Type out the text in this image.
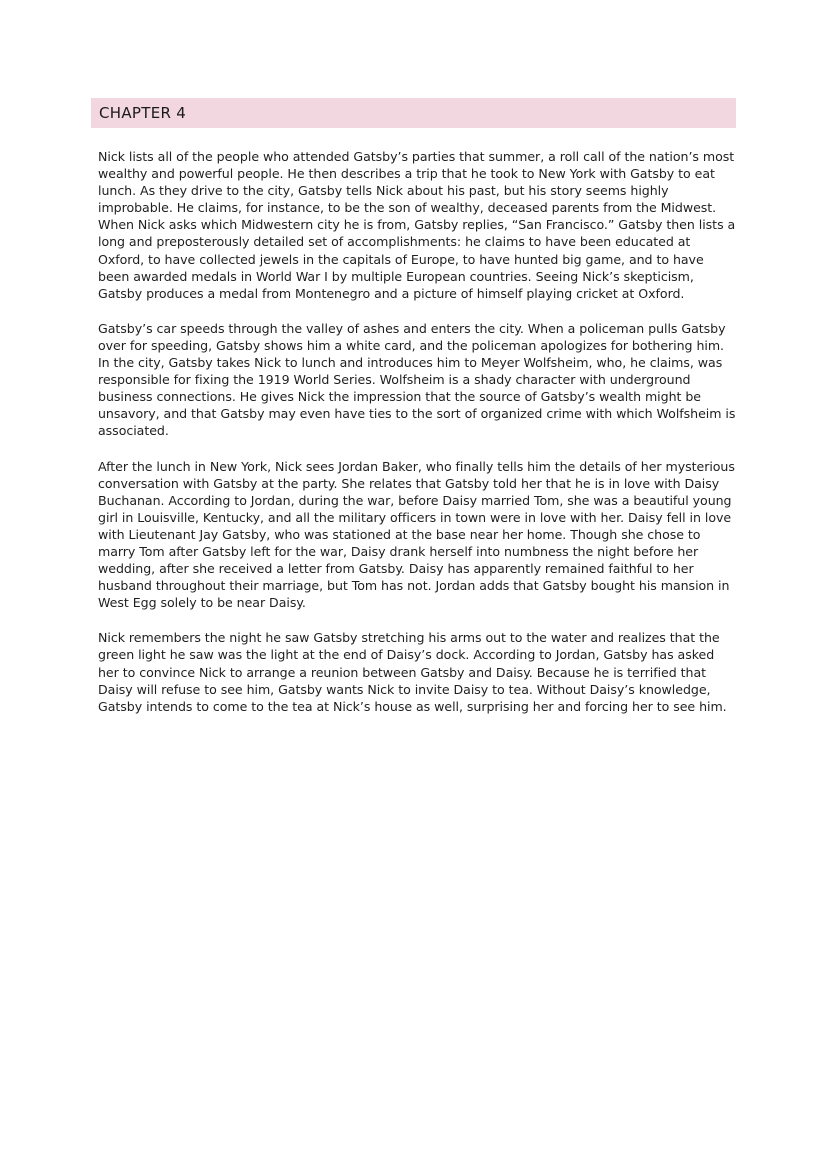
CHAPTER 4

Nick lists all of the people who attended Gatsby’s parties that summer, a roll call of the nation’s most wealthy and powerful people. He then describes a trip that he took to New York with Gatsby to eat lunch. As they drive to the city, Gatsby tells Nick about his past, but his story seems highly improbable. He claims, for instance, to be the son of wealthy, deceased parents from the Midwest. When Nick asks which Midwestern city he is from, Gatsby replies, “San Francisco.” Gatsby then lists a long and preposterously detailed set of accomplishments: he claims to have been educated at Oxford, to have collected jewels in the capitals of Europe, to have hunted big game, and to have been awarded medals in World War I by multiple European countries. Seeing Nick’s skepticism, Gatsby produces a medal from Montenegro and a picture of himself playing cricket at Oxford.

Gatsby’s car speeds through the valley of ashes and enters the city. When a policeman pulls Gatsby over for speeding, Gatsby shows him a white card, and the policeman apologizes for bothering him. In the city, Gatsby takes Nick to lunch and introduces him to Meyer Wolfsheim, who, he claims, was responsible for fixing the 1919 World Series. Wolfsheim is a shady character with underground business connections. He gives Nick the impression that the source of Gatsby’s wealth might be unsavory, and that Gatsby may even have ties to the sort of organized crime with which Wolfsheim is associated.

After the lunch in New York, Nick sees Jordan Baker, who finally tells him the details of her mysterious conversation with Gatsby at the party. She relates that Gatsby told her that he is in love with Daisy Buchanan. According to Jordan, during the war, before Daisy married Tom, she was a beautiful young girl in Louisville, Kentucky, and all the military officers in town were in love with her. Daisy fell in love with Lieutenant Jay Gatsby, who was stationed at the base near her home. Though she chose to marry Tom after Gatsby left for the war, Daisy drank herself into numbness the night before her wedding, after she received a letter from Gatsby. Daisy has apparently remained faithful to her husband throughout their marriage, but Tom has not. Jordan adds that Gatsby bought his mansion in West Egg solely to be near Daisy.

Nick remembers the night he saw Gatsby stretching his arms out to the water and realizes that the green light he saw was the light at the end of Daisy’s dock. According to Jordan, Gatsby has asked her to convince Nick to arrange a reunion between Gatsby and Daisy. Because he is terrified that Daisy will refuse to see him, Gatsby wants Nick to invite Daisy to tea. Without Daisy’s knowledge, Gatsby intends to come to the tea at Nick’s house as well, surprising her and forcing her to see him.
